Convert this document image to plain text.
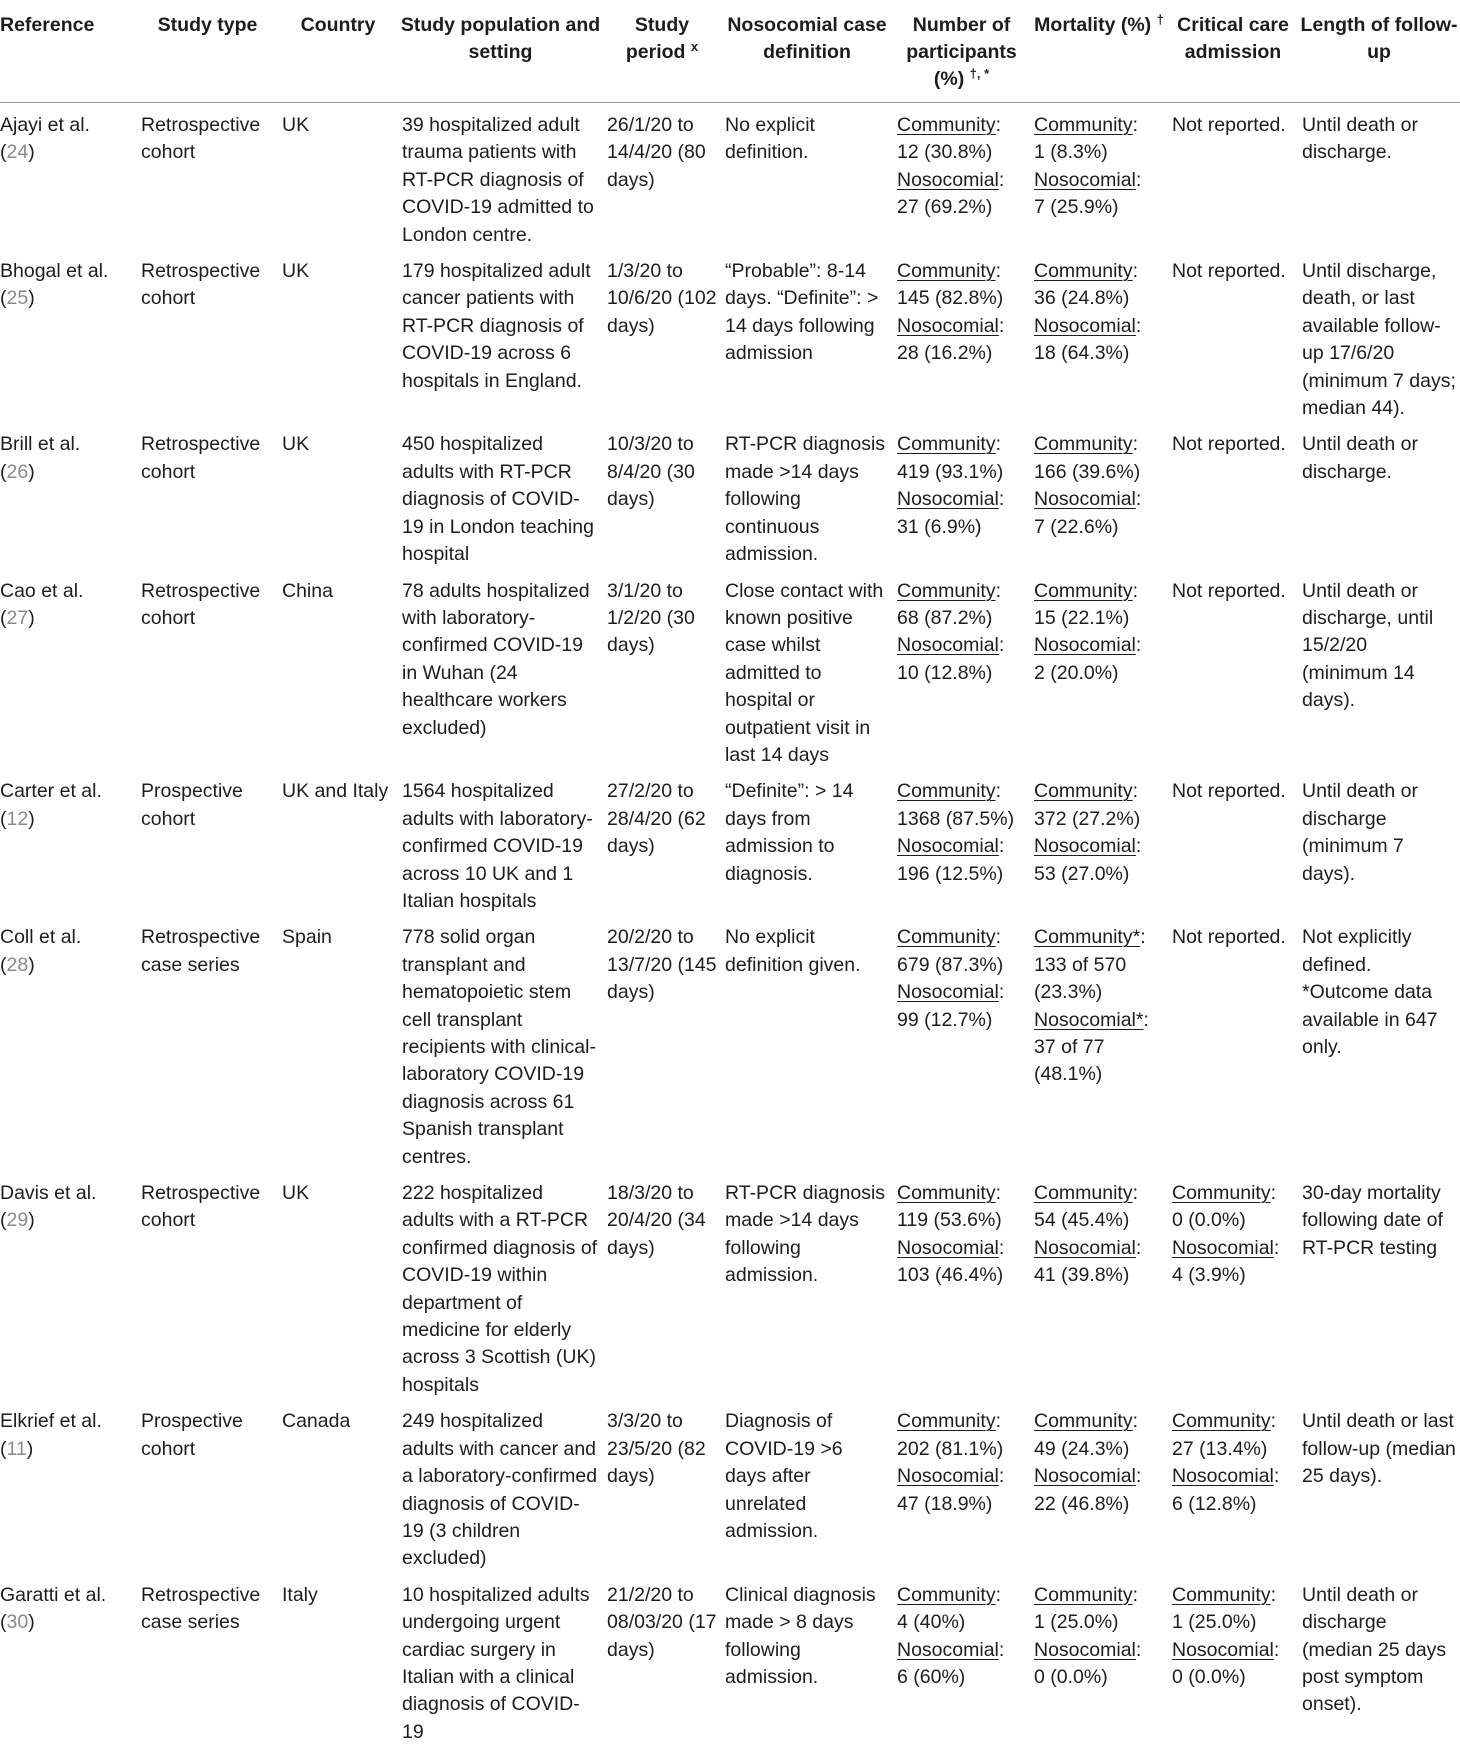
Reference	Study type	Country	Study population and setting	Study period $^x$	Nosocomial case definition	Number of participants (%) †, *	Mortality (%) †	Critical care admission	Length of follow-up
Ajayi et al.
(24)	Retrospective cohort	UK	39 hospitalized adult trauma patients with RT-PCR diagnosis of COVID-19 admitted to London centre.	26/1/20 to 14/4/20 (80 days)	No explicit definition.	Community:
12 (30.8%)
Nosocomial:
27 (69.2%)	Community:
1 (8.3%)
Nosocomial:
7 (25.9%)	Not reported.	Until death or discharge.
Bhogal et al.
(25)	Retrospective cohort	UK	179 hospitalized adult cancer patients with RT-PCR diagnosis of COVID-19 across 6 hospitals in England.	1/3/20 to 10/6/20 (102 days)	“Probable”: 8-14 days. “Definite”: > 14 days following admission	Community:
145 (82.8%)
Nosocomial:
28 (16.2%)	Community:
36 (24.8%)
Nosocomial:
18 (64.3%)	Not reported.	Until discharge, death, or last available follow-up 17/6/20 (minimum 7 days; median 44).
Brill et al.
(26)	Retrospective cohort	UK	450 hospitalized adults with RT-PCR diagnosis of COVID-19 in London teaching hospital	10/3/20 to 8/4/20 (30 days)	RT-PCR diagnosis made >14 days following continuous admission.	Community:
419 (93.1%)
Nosocomial:
31 (6.9%)	Community:
166 (39.6%)
Nosocomial:
7 (22.6%)	Not reported.	Until death or discharge.
Cao et al.
(27)	Retrospective cohort	China	78 adults hospitalized with laboratory-confirmed COVID-19 in Wuhan (24 healthcare workers excluded)	3/1/20 to 1/2/20 (30 days)	Close contact with known positive case whilst admitted to hospital or outpatient visit in last 14 days	Community:
68 (87.2%)
Nosocomial:
10 (12.8%)	Community:
15 (22.1%)
Nosocomial:
2 (20.0%)	Not reported.	Until death or discharge, until 15/2/20 (minimum 14 days).
Carter et al.
(12)	Prospective cohort	UK and Italy	1564 hospitalized adults with laboratory-confirmed COVID-19 across 10 UK and 1 Italian hospitals	27/2/20 to 28/4/20 (62 days)	“Definite”: > 14 days from admission to diagnosis.	Community:
1368 (87.5%)
Nosocomial:
196 (12.5%)	Community:
372 (27.2%)
Nosocomial:
53 (27.0%)	Not reported.	Until death or discharge (minimum 7 days).
Coll et al.
(28)	Retrospective case series	Spain	778 solid organ transplant and hematopoietic stem cell transplant recipients with clinical-laboratory COVID-19 diagnosis across 61 Spanish transplant centres.	20/2/20 to 13/7/20 (145 days)	No explicit definition given.	Community:
679 (87.3%)
Nosocomial:
99 (12.7%)	Community*:
133 of 570 (23.3%)
Nosocomial*:
37 of 77 (48.1%)	Not reported.	Not explicitly defined. *Outcome data available in 647 only.
Davis et al.
(29)	Retrospective cohort	UK	222 hospitalized adults with a RT-PCR confirmed diagnosis of COVID-19 within department of medicine for elderly across 3 Scottish (UK) hospitals	18/3/20 to 20/4/20 (34 days)	RT-PCR diagnosis made >14 days following admission.	Community:
119 (53.6%)
Nosocomial:
103 (46.4%)	Community:
54 (45.4%)
Nosocomial:
41 (39.8%)	Community:
0 (0.0%)
Nosocomial:
4 (3.9%)	30-day mortality following date of RT-PCR testing
Elkrief et al.
(11)	Prospective cohort	Canada	249 hospitalized adults with cancer and a laboratory-confirmed diagnosis of COVID-19 (3 children excluded)	3/3/20 to 23/5/20 (82 days)	Diagnosis of COVID-19 >6 days after unrelated admission.	Community:
202 (81.1%)
Nosocomial:
47 (18.9%)	Community:
49 (24.3%)
Nosocomial:
22 (46.8%)	Community:
27 (13.4%)
Nosocomial:
6 (12.8%)	Until death or last follow-up (median 25 days).
Garatti et al.
(30)	Retrospective case series	Italy	10 hospitalized adults undergoing urgent cardiac surgery in Italian with a clinical diagnosis of COVID-19	21/2/20 to 08/03/20 (17 days)	Clinical diagnosis made > 8 days following admission.	Community:
4 (40%)
Nosocomial:
6 (60%)	Community:
1 (25.0%)
Nosocomial:
0 (0.0%)	Community:
1 (25.0%)
Nosocomial:
0 (0.0%)	Until death or discharge (median 25 days post symptom onset).
